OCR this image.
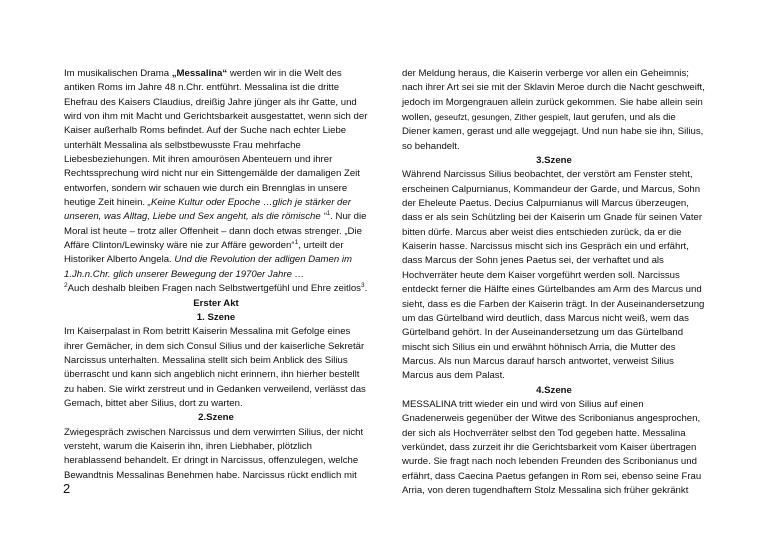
Im musikalischen Drama „Messalina“ werden wir in die Welt des antiken Roms im Jahre 48 n.Chr. entführt. Messalina ist die dritte Ehefrau des Kaisers Claudius, dreißig Jahre jünger als ihr Gatte, und wird von ihm mit Macht und Gerichtsbarkeit ausgestattet, wenn sich der Kaiser außerhalb Roms befindet. Auf der Suche nach echter Liebe unterhält Messalina als selbstbewusste Frau mehrfache Liebesbeziehungen. Mit ihren amourösen Abenteuern und ihrer Rechtssprechung wird nicht nur ein Sittengemälde der damaligen Zeit entworfen, sondern wir schauen wie durch ein Brennglas in unsere heutige Zeit hinein. „Keine Kultur oder Epoche …glich je stärker der unseren, was Alltag, Liebe und Sex angeht, als die römische “$^1$. Nur die Moral ist heute – trotz aller Offenheit – dann doch etwas strenger. „Die Affäre Clinton/Lewinsky wäre nie zur Affäre geworden“$^1$, urteilt der Historiker Alberto Angela. Und die Revolution der adligen Damen im 1.Jh.n.Chr. glich unserer Bewegung der 1970er Jahre …
$^2$Auch deshalb bleiben Fragen nach Selbstwertgefühl und Ehre zeitlos$^3$.

Erster Akt

1. Szene

Im Kaiserpalast in Rom betritt Kaiserin Messalina mit Gefolge eines ihrer Gemächer, in dem sich Consul Silius und der kaiserliche Sekretär Narcissus unterhalten. Messalina stellt sich beim Anblick des Silius überrascht und kann sich angeblich nicht erinnern, ihn hierher bestellt zu haben. Sie wirkt zerstreut und in Gedanken verweilend, verlässt das Gemach, bittet aber Silius, dort zu warten.

2.Szene

Zwiegespräch zwischen Narcissus und dem verwirrten Silius, der nicht versteht, warum die Kaiserin ihn, ihren Liebhaber, plötzlich herablassend behandelt. Er dringt in Narcissus, offenzulegen, welche Bewandtnis Messalinas Benehmen habe. Narcissus rückt endlich mit

der Meldung heraus, die Kaiserin verberge vor allen ein Geheimnis; nach ihrer Art sei sie mit der Sklavin Meroe durch die Nacht geschweift, jedoch im Morgengrauen allein zurück gekommen. Sie habe allein sein wollen, geseufzt, gesungen, Zither gespielt, laut gerufen, und als die Diener kamen, gerast und alle weggejagt. Und nun habe sie ihn, Silius, so behandelt.

3.Szene

Während Narcissus Silius beobachtet, der verstört am Fenster steht, erscheinen Calpurnianus, Kommandeur der Garde, und Marcus, Sohn der Eheleute Paetus. Decius Calpurnianus will Marcus überzeugen, dass er als sein Schützling bei der Kaiserin um Gnade für seinen Vater bitten dürfe. Marcus aber weist dies entschieden zurück, da er die Kaiserin hasse. Narcissus mischt sich ins Gespräch ein und erfährt, dass Marcus der Sohn jenes Paetus sei, der verhaftet und als Hochverräter heute dem Kaiser vorgeführt werden soll. Narcissus entdeckt ferner die Hälfte eines Gürtelbandes am Arm des Marcus und sieht, dass es die Farben der Kaiserin trägt. In der Auseinandersetzung um das Gürtelband wird deutlich, dass Marcus nicht weiß, wem das Gürtelband gehört. In der Auseinandersetzung um das Gürtelband mischt sich Silius ein und erwähnt höhnisch Arria, die Mutter des Marcus. Als nun Marcus darauf harsch antwortet, verweist Silius Marcus aus dem Palast.

4.Szene

MESSALINA tritt wieder ein und wird von Silius auf einen Gnadenerweis gegenüber der Witwe des Scribonianus angesprochen, der sich als Hochverräter selbst den Tod gegeben hatte. Messalina verkündet, dass zurzeit ihr die Gerichtsbarkeit vom Kaiser übertragen wurde. Sie fragt nach noch lebenden Freunden des Scribonianus und erfährt, dass Caecina Paetus gefangen in Rom sei, ebenso seine Frau Arria, von deren tugendhaftem Stolz Messalina sich früher gekränkt

2
